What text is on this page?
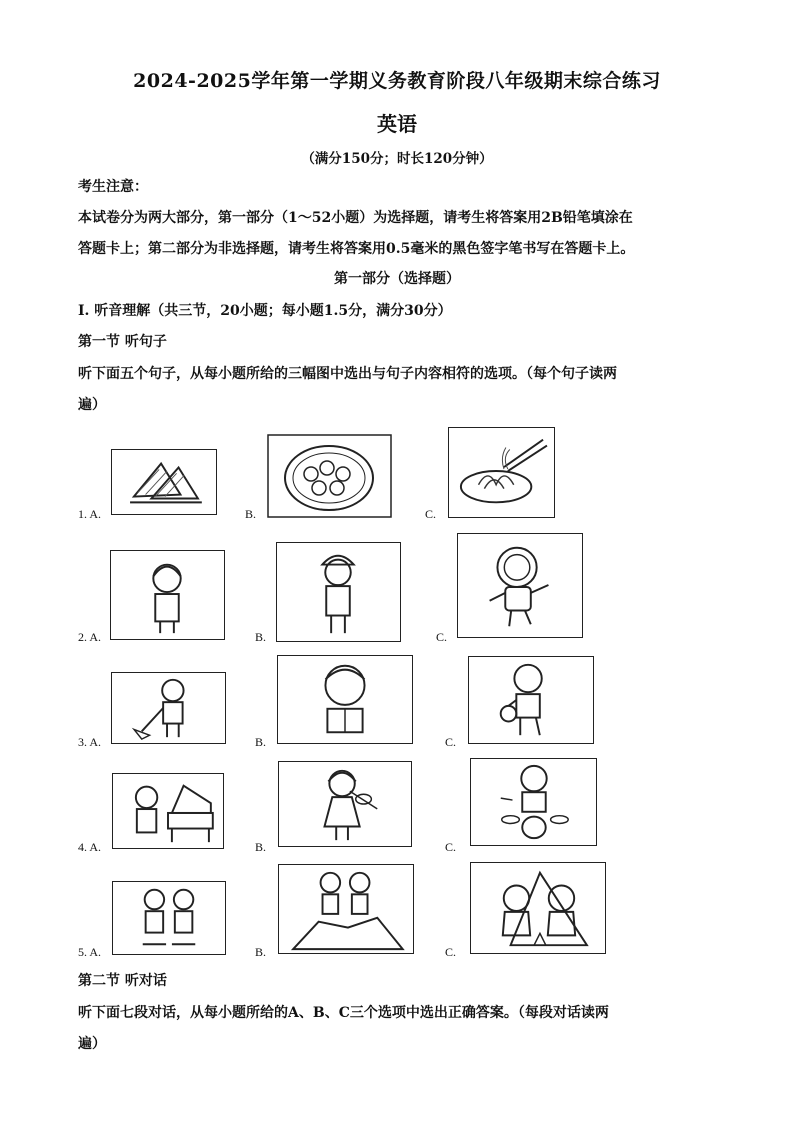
2024-2025学年第一学期义务教育阶段八年级期末综合练习
英语
（满分150分；时长120分钟）
考生注意：
本试卷分为两大部分，第一部分（1～52小题）为选择题，请考生将答案用2B铅笔填涂在
答题卡上；第二部分为非选择题，请考生将答案用0.5毫米的黑色签字笔书写在答题卡上。
第一部分（选择题）
Ⅰ. 听音理解（共三节，20小题；每小题1.5分，满分30分）
第一节 听句子
听下面五个句子，从每小题所给的三幅图中选出与句子内容相符的选项。（每个句子读两
遍）
1. A.	B.	C.
2. A.	B.	C.
3. A.	B.	C.
4. A.	B.	C.
5. A.	B.	C.
第二节 听对话
听下面七段对话，从每小题所给的A、B、C三个选项中选出正确答案。（每段对话读两
遍）
